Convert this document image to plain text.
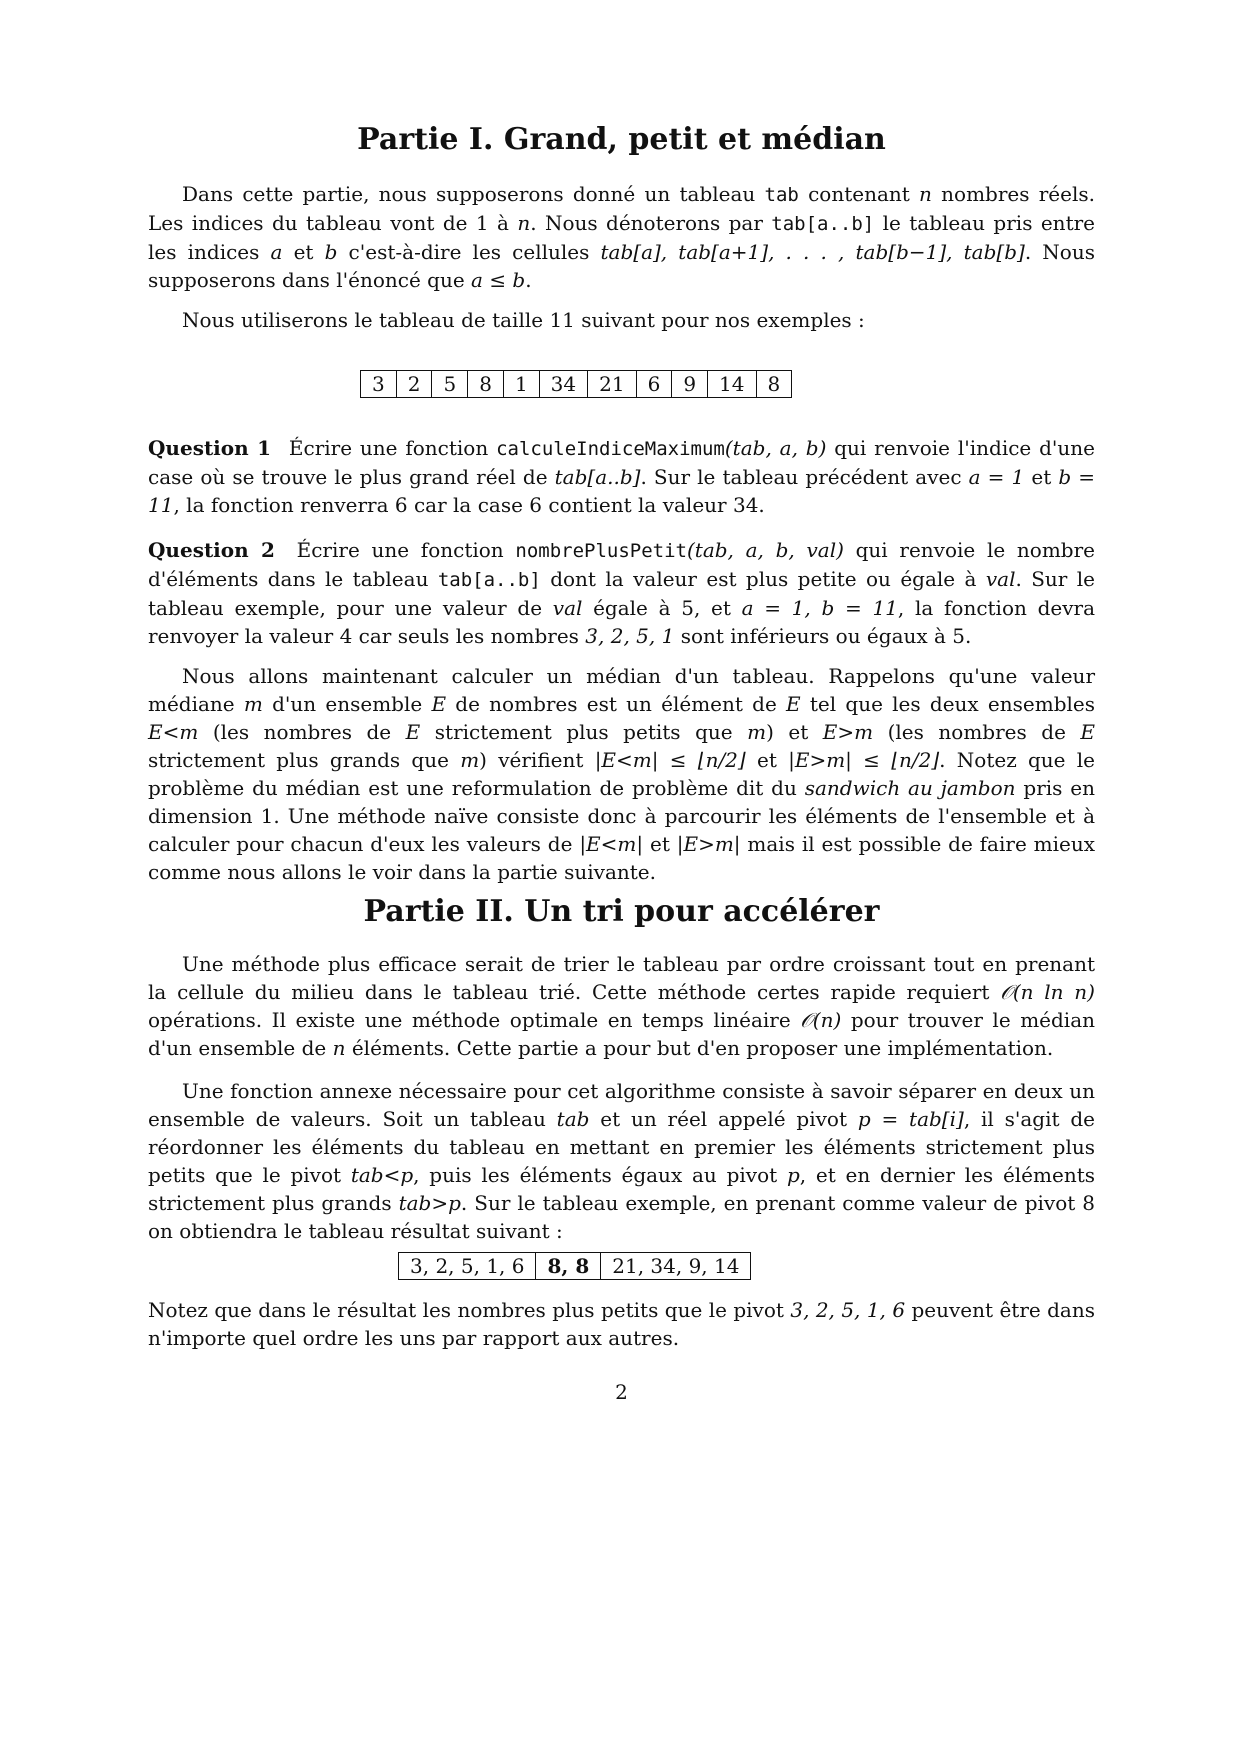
Partie I. Grand, petit et médian

Dans cette partie, nous supposerons donné un tableau tab contenant n nombres réels. Les indices du tableau vont de 1 à n. Nous dénoterons par tab[a..b] le tableau pris entre les indices a et b c'est-à-dire les cellules tab[a], tab[a+1], . . . , tab[b−1], tab[b]. Nous supposerons dans l'énoncé que a ≤ b.

Nous utiliserons le tableau de taille 11 suivant pour nos exemples :

3	2	5	8	1	34	21	6	9	14	8

Question 1 Écrire une fonction calculeIndiceMaximum(tab, a, b) qui renvoie l'indice d'une case où se trouve le plus grand réel de tab[a..b]. Sur le tableau précédent avec a = 1 et b = 11, la fonction renverra 6 car la case 6 contient la valeur 34.

Question 2 Écrire une fonction nombrePlusPetit(tab, a, b, val) qui renvoie le nombre d'éléments dans le tableau tab[a..b] dont la valeur est plus petite ou égale à val. Sur le tableau exemple, pour une valeur de val égale à 5, et a = 1, b = 11, la fonction devra renvoyer la valeur 4 car seuls les nombres 3, 2, 5, 1 sont inférieurs ou égaux à 5.

Nous allons maintenant calculer un médian d'un tableau. Rappelons qu'une valeur médiane m d'un ensemble E de nombres est un élément de E tel que les deux ensembles E<m (les nombres de E strictement plus petits que m) et E>m (les nombres de E strictement plus grands que m) vérifient |E<m| ≤ ⌊n/2⌋ et |E>m| ≤ ⌊n/2⌋. Notez que le problème du médian est une reformulation de problème dit du sandwich au jambon pris en dimension 1. Une méthode naïve consiste donc à parcourir les éléments de l'ensemble et à calculer pour chacun d'eux les valeurs de |E<m| et |E>m| mais il est possible de faire mieux comme nous allons le voir dans la partie suivante.

Partie II. Un tri pour accélérer

Une méthode plus efficace serait de trier le tableau par ordre croissant tout en prenant la cellule du milieu dans le tableau trié. Cette méthode certes rapide requiert 𝒪(n ln n) opérations. Il existe une méthode optimale en temps linéaire 𝒪(n) pour trouver le médian d'un ensemble de n éléments. Cette partie a pour but d'en proposer une implémentation.

Une fonction annexe nécessaire pour cet algorithme consiste à savoir séparer en deux un ensemble de valeurs. Soit un tableau tab et un réel appelé pivot p = tab[i], il s'agit de réordonner les éléments du tableau en mettant en premier les éléments strictement plus petits que le pivot tab<p, puis les éléments égaux au pivot p, et en dernier les éléments strictement plus grands tab>p. Sur le tableau exemple, en prenant comme valeur de pivot 8 on obtiendra le tableau résultat suivant :

3, 2, 5, 1, 6	8, 8	21, 34, 9, 14

Notez que dans le résultat les nombres plus petits que le pivot 3, 2, 5, 1, 6 peuvent être dans n'importe quel ordre les uns par rapport aux autres.

2
